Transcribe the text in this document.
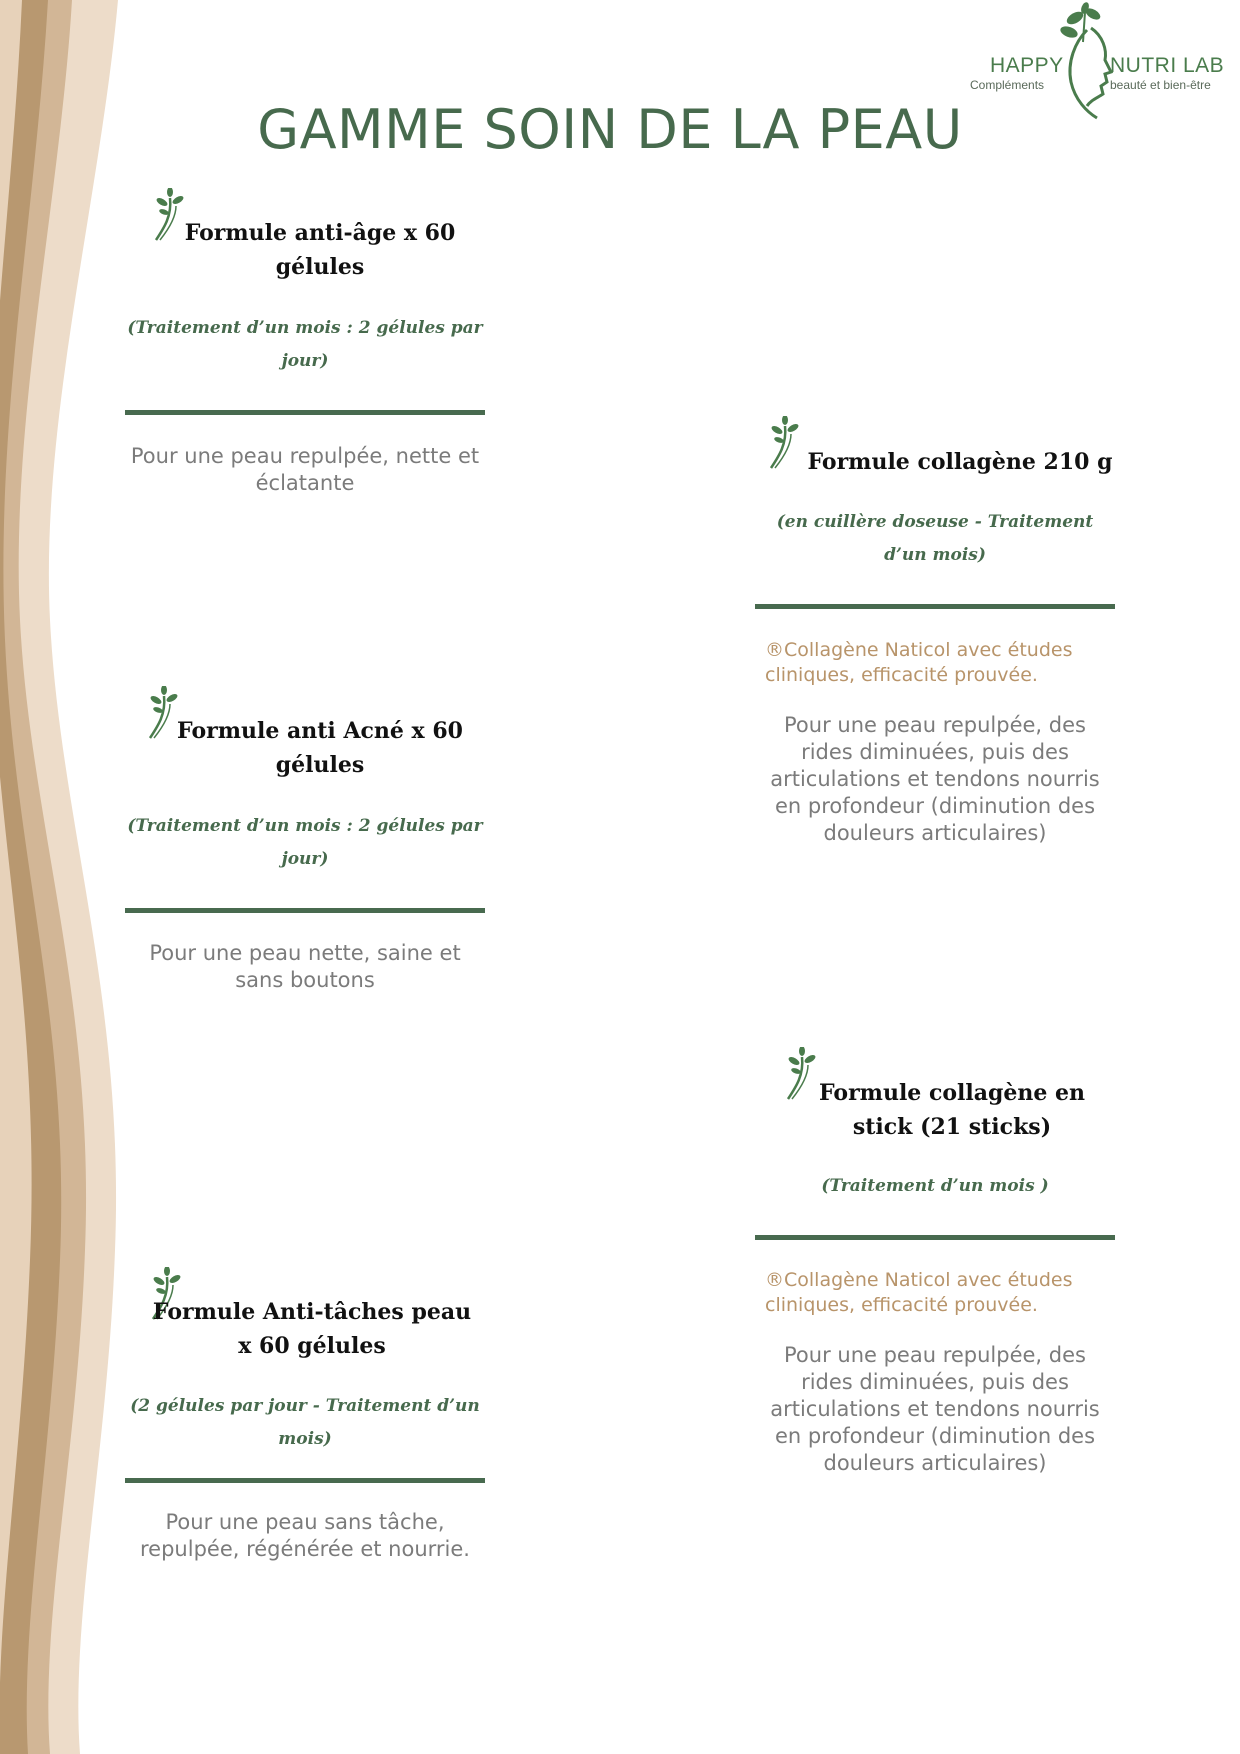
HAPPY NUTRI LAB
Compléments	beauté et bien-être
GAMME SOIN DE LA PEAU

Formule anti-âge x 60 gélules

(Traitement d’un mois : 2 gélules par jour)

Pour une peau repulpée, nette et éclatante

Formule anti Acné x 60 gélules

(Traitement d’un mois : 2 gélules par jour)

Pour une peau nette, saine et sans boutons

Formule Anti-tâches peau x 60 gélules

(2 gélules par jour - Traitement d’un mois)

Pour une peau sans tâche, repulpée, régénérée et nourrie.

Formule collagène 210 g

(en cuillère doseuse - Traitement d’un mois)

®Collagène Naticol avec études cliniques, efficacité prouvée.

Pour une peau repulpée, des rides diminuées, puis des articulations et tendons nourris en profondeur (diminution des douleurs articulaires)

Formule collagène en stick (21 sticks)

(Traitement d’un mois )

®Collagène Naticol avec études cliniques, efficacité prouvée.

Pour une peau repulpée, des rides diminuées, puis des articulations et tendons nourris en profondeur (diminution des douleurs articulaires)
